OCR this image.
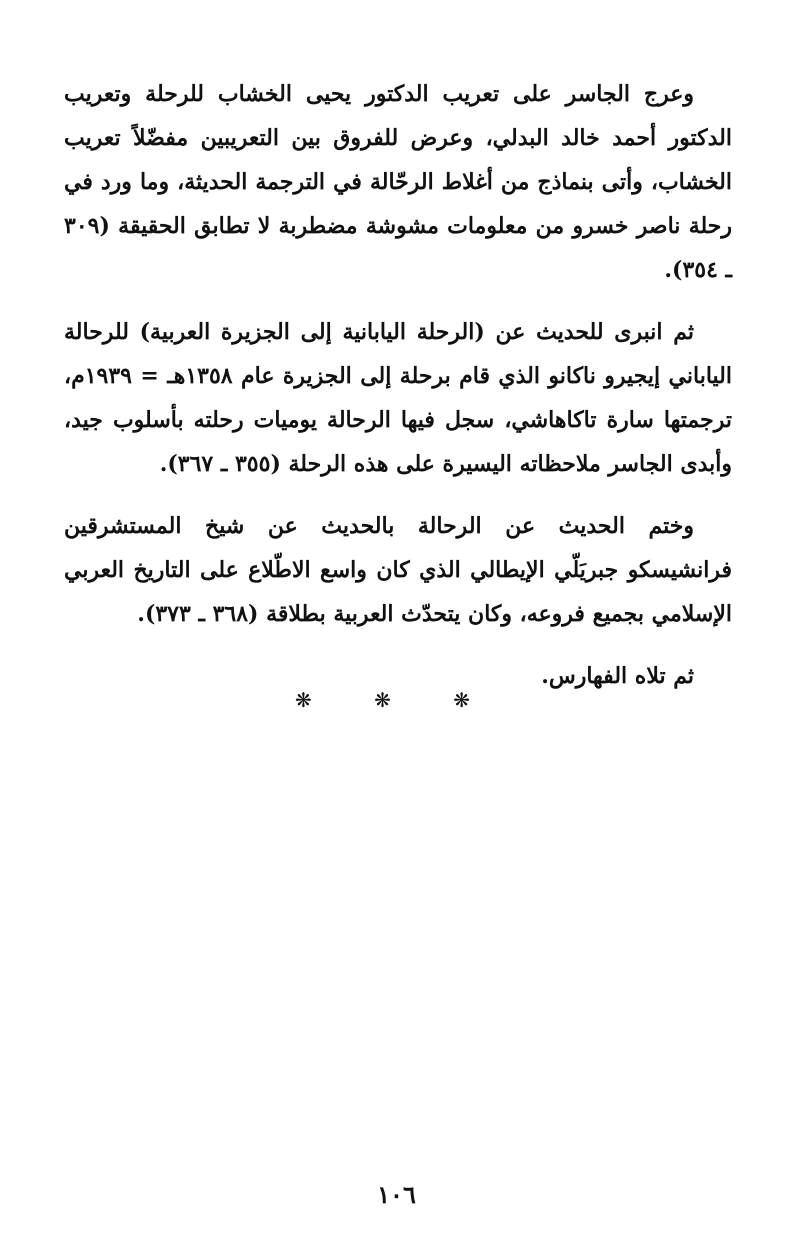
وعرج الجاسر على تعريب الدكتور يحيى الخشاب للرحلة وتعريب الدكتور أحمد خالد البدلي، وعرض للفروق بين التعريبين مفضّلاً تعريب الخشاب، وأتى بنماذج من أغلاط الرحّالة في الترجمة الحديثة، وما ورد في رحلة ناصر خسرو من معلومات مشوشة مضطربة لا تطابق الحقيقة (٣٠٩ ـ ٣٥٤).

ثم انبرى للحديث عن (الرحلة اليابانية إلى الجزيرة العربية) للرحالة الياباني إيجيرو ناكانو الذي قام برحلة إلى الجزيرة عام ١٣٥٨هـ = ١٩٣٩م، ترجمتها سارة تاكاهاشي، سجل فيها الرحالة يوميات رحلته بأسلوب جيد، وأبدى الجاسر ملاحظاته اليسيرة على هذه الرحلة (٣٥٥ ـ ٣٦٧).

وختم الحديث عن الرحالة بالحديث عن شيخ المستشرقين فرانشيسكو جبريَلّي الإيطالي الذي كان واسع الاطّلاع على التاريخ العربي الإسلامي بجميع فروعه، وكان يتحدّث العربية بطلاقة (٣٦٨ ـ ٣٧٣).

ثم تلاه الفهارس.

❋ ❋ ❋
١٠٦
